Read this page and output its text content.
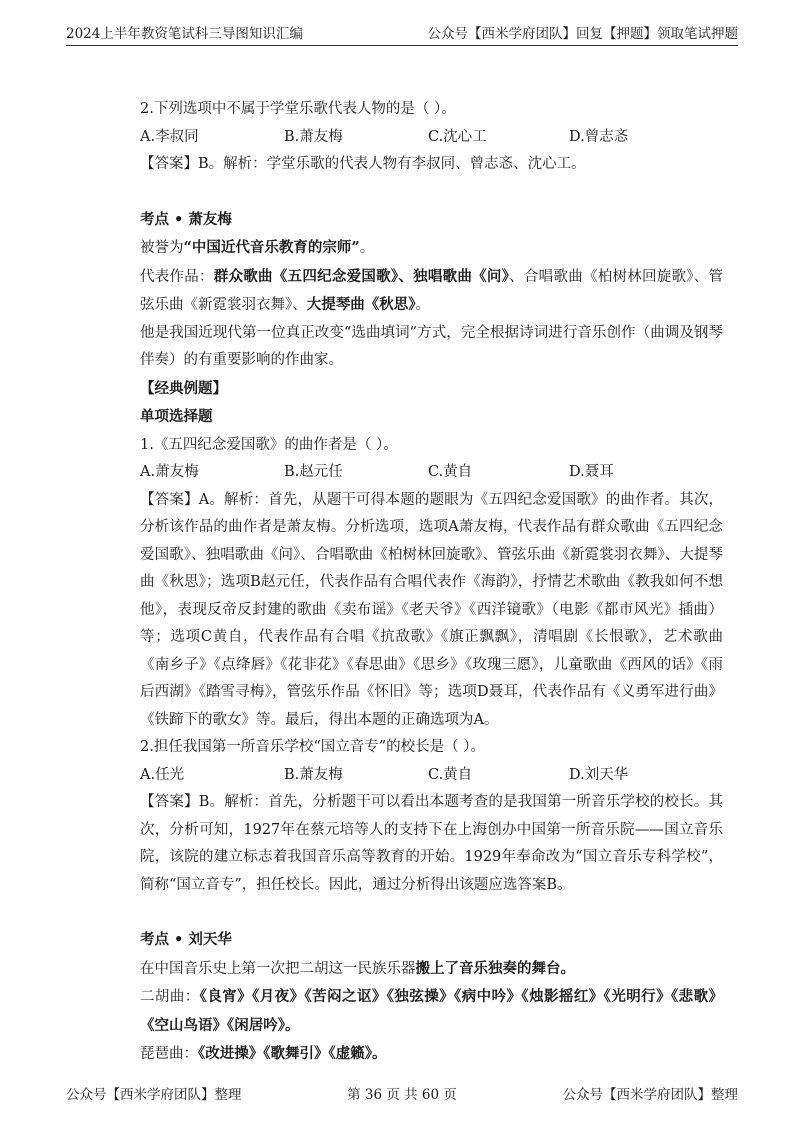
2024上半年教资笔试科三导图知识汇编	公众号【西米学府团队】回复【押题】领取笔试押题

2.下列选项中不属于学堂乐歌代表人物的是（ ）。

A.李叔同	B.萧友梅	C.沈心工	D.曾志忞

【答案】B。解析：学堂乐歌的代表人物有李叔同、曾志忞、沈心工。

考点 • 萧友梅

被誉为“中国近代音乐教育的宗师”。

代表作品：群众歌曲《五四纪念爱国歌》、独唱歌曲《问》、合唱歌曲《柏树林回旋歌》、管弦乐曲《新霓裳羽衣舞》、大提琴曲《秋思》。

他是我国近现代第一位真正改变“选曲填词”方式，完全根据诗词进行音乐创作（曲调及钢琴伴奏）的有重要影响的作曲家。

【经典例题】

单项选择题

1.《五四纪念爱国歌》的曲作者是（ ）。

A.萧友梅	B.赵元任	C.黄自	D.聂耳

【答案】A。解析：首先，从题干可得本题的题眼为《五四纪念爱国歌》的曲作者。其次，分析该作品的曲作者是萧友梅。分析选项，选项A萧友梅，代表作品有群众歌曲《五四纪念爱国歌》、独唱歌曲《问》、合唱歌曲《柏树林回旋歌》、管弦乐曲《新霓裳羽衣舞》、大提琴曲《秋思》；选项B赵元任，代表作品有合唱代表作《海韵》，抒情艺术歌曲《教我如何不想他》，表现反帝反封建的歌曲《卖布谣》《老天爷》《西洋镜歌》（电影《都市风光》插曲）等；选项C黄自，代表作品有合唱《抗敌歌》《旗正飘飘》，清唱剧《长恨歌》，艺术歌曲《南乡子》《点绛唇》《花非花》《春思曲》《思乡》《玫瑰三愿》，儿童歌曲《西风的话》《雨后西湖》《踏雪寻梅》，管弦乐作品《怀旧》等；选项D聂耳，代表作品有《义勇军进行曲》《铁蹄下的歌女》等。最后，得出本题的正确选项为A。

2.担任我国第一所音乐学校“国立音专”的校长是（ ）。

A.任光	B.萧友梅	C.黄自	D.刘天华

【答案】B。解析：首先，分析题干可以看出本题考查的是我国第一所音乐学校的校长。其次，分析可知，1927年在蔡元培等人的支持下在上海创办中国第一所音乐院——国立音乐院，该院的建立标志着我国音乐高等教育的开始。1929年奉命改为“国立音乐专科学校”，简称“国立音专”，担任校长。因此，通过分析得出该题应选答案B。

考点 • 刘天华

在中国音乐史上第一次把二胡这一民族乐器搬上了音乐独奏的舞台。

二胡曲：《良宵》《月夜》《苦闷之讴》《独弦操》《病中吟》《烛影摇红》《光明行》《悲歌》《空山鸟语》《闲居吟》。

琵琶曲：《改进操》《歌舞引》《虚籁》。

公众号【西米学府团队】整理	第 36 页 共 60 页	公众号【西米学府团队】整理
